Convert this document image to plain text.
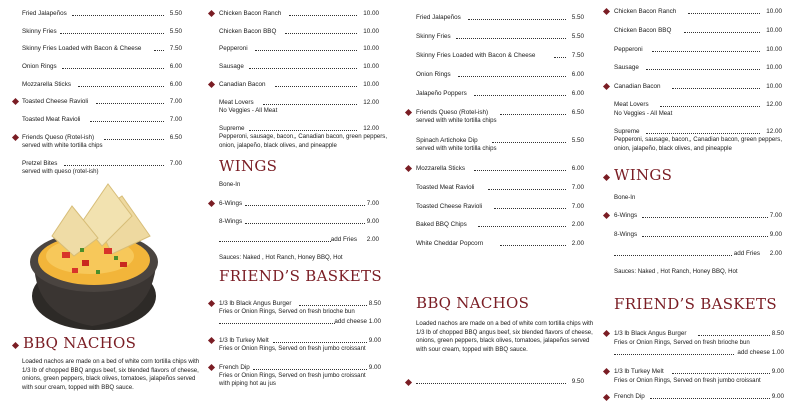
Fried Jalapeños	5.50
Skinny Fries	5.50
Skinny Fries Loaded with Bacon & Cheese	7.50
Onion Rings	6.00
Mozzarella Sticks	6.00
Toasted Cheese Ravioli	7.00
Toasted Meat Ravioli	7.00
Friends Queso (Rotel-ish)	6.50
served with white tortilla chips
Pretzel Bites	7.00
served with queso (rotel-ish)
BBQ NACHOS
Loaded nachos are made on a bed of white corn tortilla chips with 1/3 lb of chopped BBQ angus beef, six blended flavors of cheese, onions, green peppers, black olives, tomatoes, jalapeños served with sour cream, topped with BBQ sauce.
Chicken Bacon Ranch	10.00
Chicken Bacon BBQ	10.00
Pepperoni	10.00
Sausage	10.00
Canadian Bacon	10.00
Meat Lovers	12.00
No Veggies - All Meat
Supreme	12.00
Pepperoni, sausage, bacon,, Canadian bacon, green peppers, onion, jalapeño, black olives, and pineapple
WINGS
Bone-In
6-Wings	7.00
8-Wings	9.00
add Fries 2.00
Sauces: Naked , Hot Ranch, Honey BBQ, Hot
FRIEND’S BASKETS
1/3 lb Black Angus Burger	8.50
Fries or Onion Rings, Served on fresh brioche bun
add cheese 1.00
1/3 lb Turkey Melt	9.00
Fries or Onion Rings, Served on fresh jumbo croissant
French Dip	9.00
Fries or Onion Rings, Served on fresh jumbo croissant
with piping hot au jus
Fried Jalapeños	5.50
Skinny Fries	5.50
Skinny Fries Loaded with Bacon & Cheese	7.50
Onion Rings	6.00
Jalapeño Poppers	6.00
Friends Queso (Rotel-ish)	6.50
served with white tortilla chips
Spinach Artichoke Dip	5.50
served with white tortilla chips
Mozzarella Sticks	6.00
Toasted Meat Ravioli	7.00
Toasted Cheese Ravioli	7.00
Baked BBQ Chips	2.00
White Cheddar Popcorn	2.00
BBQ NACHOS
Loaded nachos are made on a bed of white corn tortilla chips with 1/3 lb of chopped BBQ angus beef, six blended flavors of cheese, onions, green peppers, black olives, tomatoes, jalapeños served with sour cream, topped with BBQ sauce.
9.50
Chicken Bacon Ranch	10.00
Chicken Bacon BBQ	10.00
Pepperoni	10.00
Sausage	10.00
Canadian Bacon	10.00
Meat Lovers	12.00
No Veggies - All Meat
Supreme	12.00
Pepperoni, sausage, bacon,, Canadian bacon, green peppers, onion, jalapeño, black olives, and pineapple
WINGS
Bone-In
6-Wings	7.00
8-Wings	9.00
add Fries 2.00
Sauces: Naked , Hot Ranch, Honey BBQ, Hot
FRIEND’S BASKETS
1/3 lb Black Angus Burger	8.50
Fries or Onion Rings, Served on fresh brioche bun
add cheese 1.00
1/3 lb Turkey Melt	9.00
Fries or Onion Rings, Served on fresh jumbo croissant
French Dip	9.00
